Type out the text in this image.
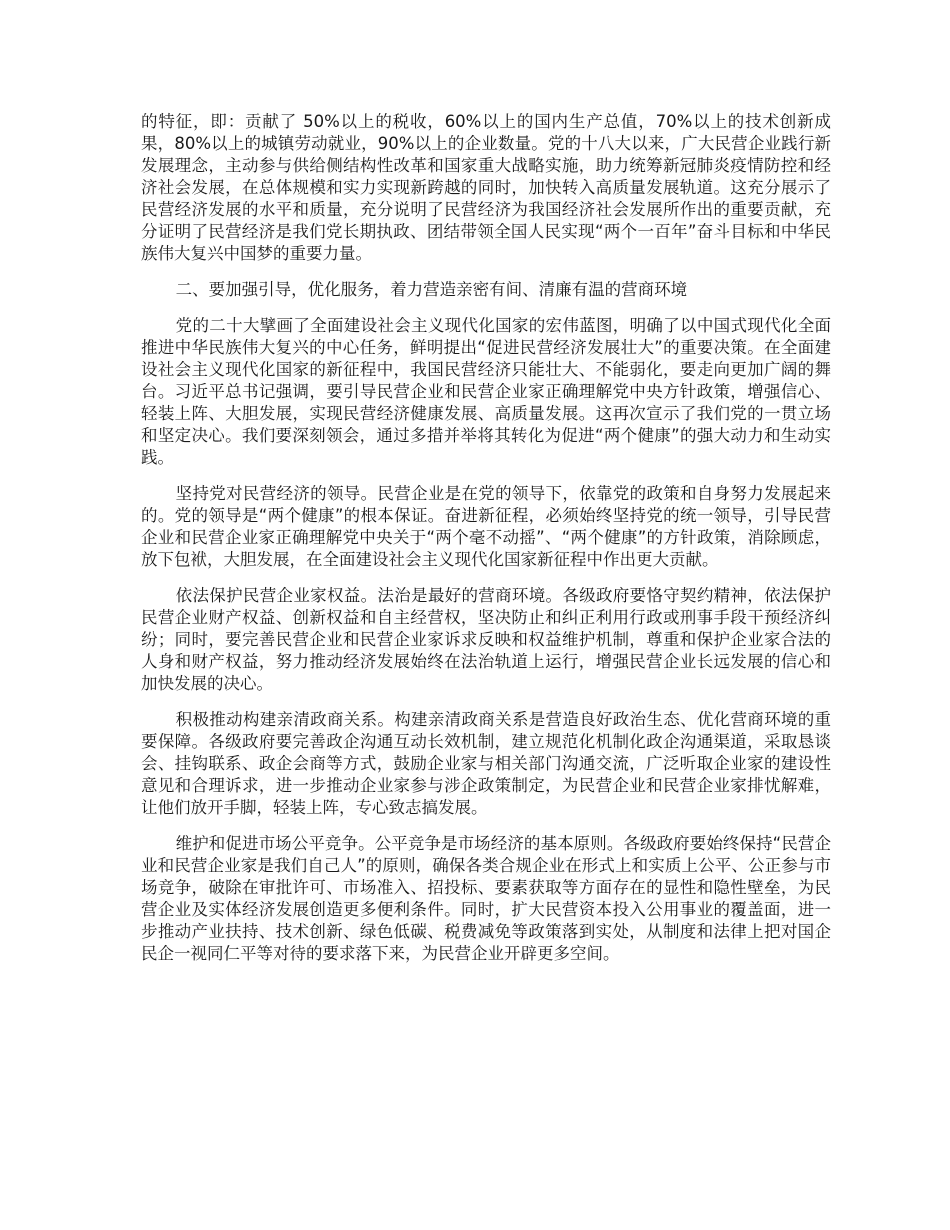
的特征，即：贡献了 50%以上的税收，60%以上的国内生产总值，70%以上的技术创新成果，80%以上的城镇劳动就业，90%以上的企业数量。党的十八大以来，广大民营企业践行新发展理念，主动参与供给侧结构性改革和国家重大战略实施，助力统筹新冠肺炎疫情防控和经济社会发展，在总体规模和实力实现新跨越的同时，加快转入高质量发展轨道。这充分展示了民营经济发展的水平和质量，充分说明了民营经济为我国经济社会发展所作出的重要贡献，充分证明了民营经济是我们党长期执政、团结带领全国人民实现“两个一百年”奋斗目标和中华民族伟大复兴中国梦的重要力量。

二、要加强引导，优化服务，着力营造亲密有间、清廉有温的营商环境

党的二十大擘画了全面建设社会主义现代化国家的宏伟蓝图，明确了以中国式现代化全面推进中华民族伟大复兴的中心任务，鲜明提出“促进民营经济发展壮大”的重要决策。在全面建设社会主义现代化国家的新征程中，我国民营经济只能壮大、不能弱化，要走向更加广阔的舞台。习近平总书记强调，要引导民营企业和民营企业家正确理解党中央方针政策，增强信心、轻装上阵、大胆发展，实现民营经济健康发展、高质量发展。这再次宣示了我们党的一贯立场和坚定决心。我们要深刻领会，通过多措并举将其转化为促进“两个健康”的强大动力和生动实践。

坚持党对民营经济的领导。民营企业是在党的领导下，依靠党的政策和自身努力发展起来的。党的领导是“两个健康”的根本保证。奋进新征程，必须始终坚持党的统一领导，引导民营企业和民营企业家正确理解党中央关于“两个毫不动摇”、“两个健康”的方针政策，消除顾虑，放下包袱，大胆发展，在全面建设社会主义现代化国家新征程中作出更大贡献。

依法保护民营企业家权益。法治是最好的营商环境。各级政府要恪守契约精神，依法保护民营企业财产权益、创新权益和自主经营权，坚决防止和纠正利用行政或刑事手段干预经济纠纷；同时，要完善民营企业和民营企业家诉求反映和权益维护机制，尊重和保护企业家合法的人身和财产权益，努力推动经济发展始终在法治轨道上运行，增强民营企业长远发展的信心和加快发展的决心。

积极推动构建亲清政商关系。构建亲清政商关系是营造良好政治生态、优化营商环境的重要保障。各级政府要完善政企沟通互动长效机制，建立规范化机制化政企沟通渠道，采取恳谈会、挂钩联系、政企会商等方式，鼓励企业家与相关部门沟通交流，广泛听取企业家的建设性意见和合理诉求，进一步推动企业家参与涉企政策制定，为民营企业和民营企业家排忧解难，让他们放开手脚，轻装上阵，专心致志搞发展。

维护和促进市场公平竞争。公平竞争是市场经济的基本原则。各级政府要始终保持“民营企业和民营企业家是我们自己人”的原则，确保各类合规企业在形式上和实质上公平、公正参与市场竞争，破除在审批许可、市场准入、招投标、要素获取等方面存在的显性和隐性壁垒，为民营企业及实体经济发展创造更多便利条件。同时，扩大民营资本投入公用事业的覆盖面，进一步推动产业扶持、技术创新、绿色低碳、税费减免等政策落到实处，从制度和法律上把对国企民企一视同仁平等对待的要求落下来，为民营企业开辟更多空间。
